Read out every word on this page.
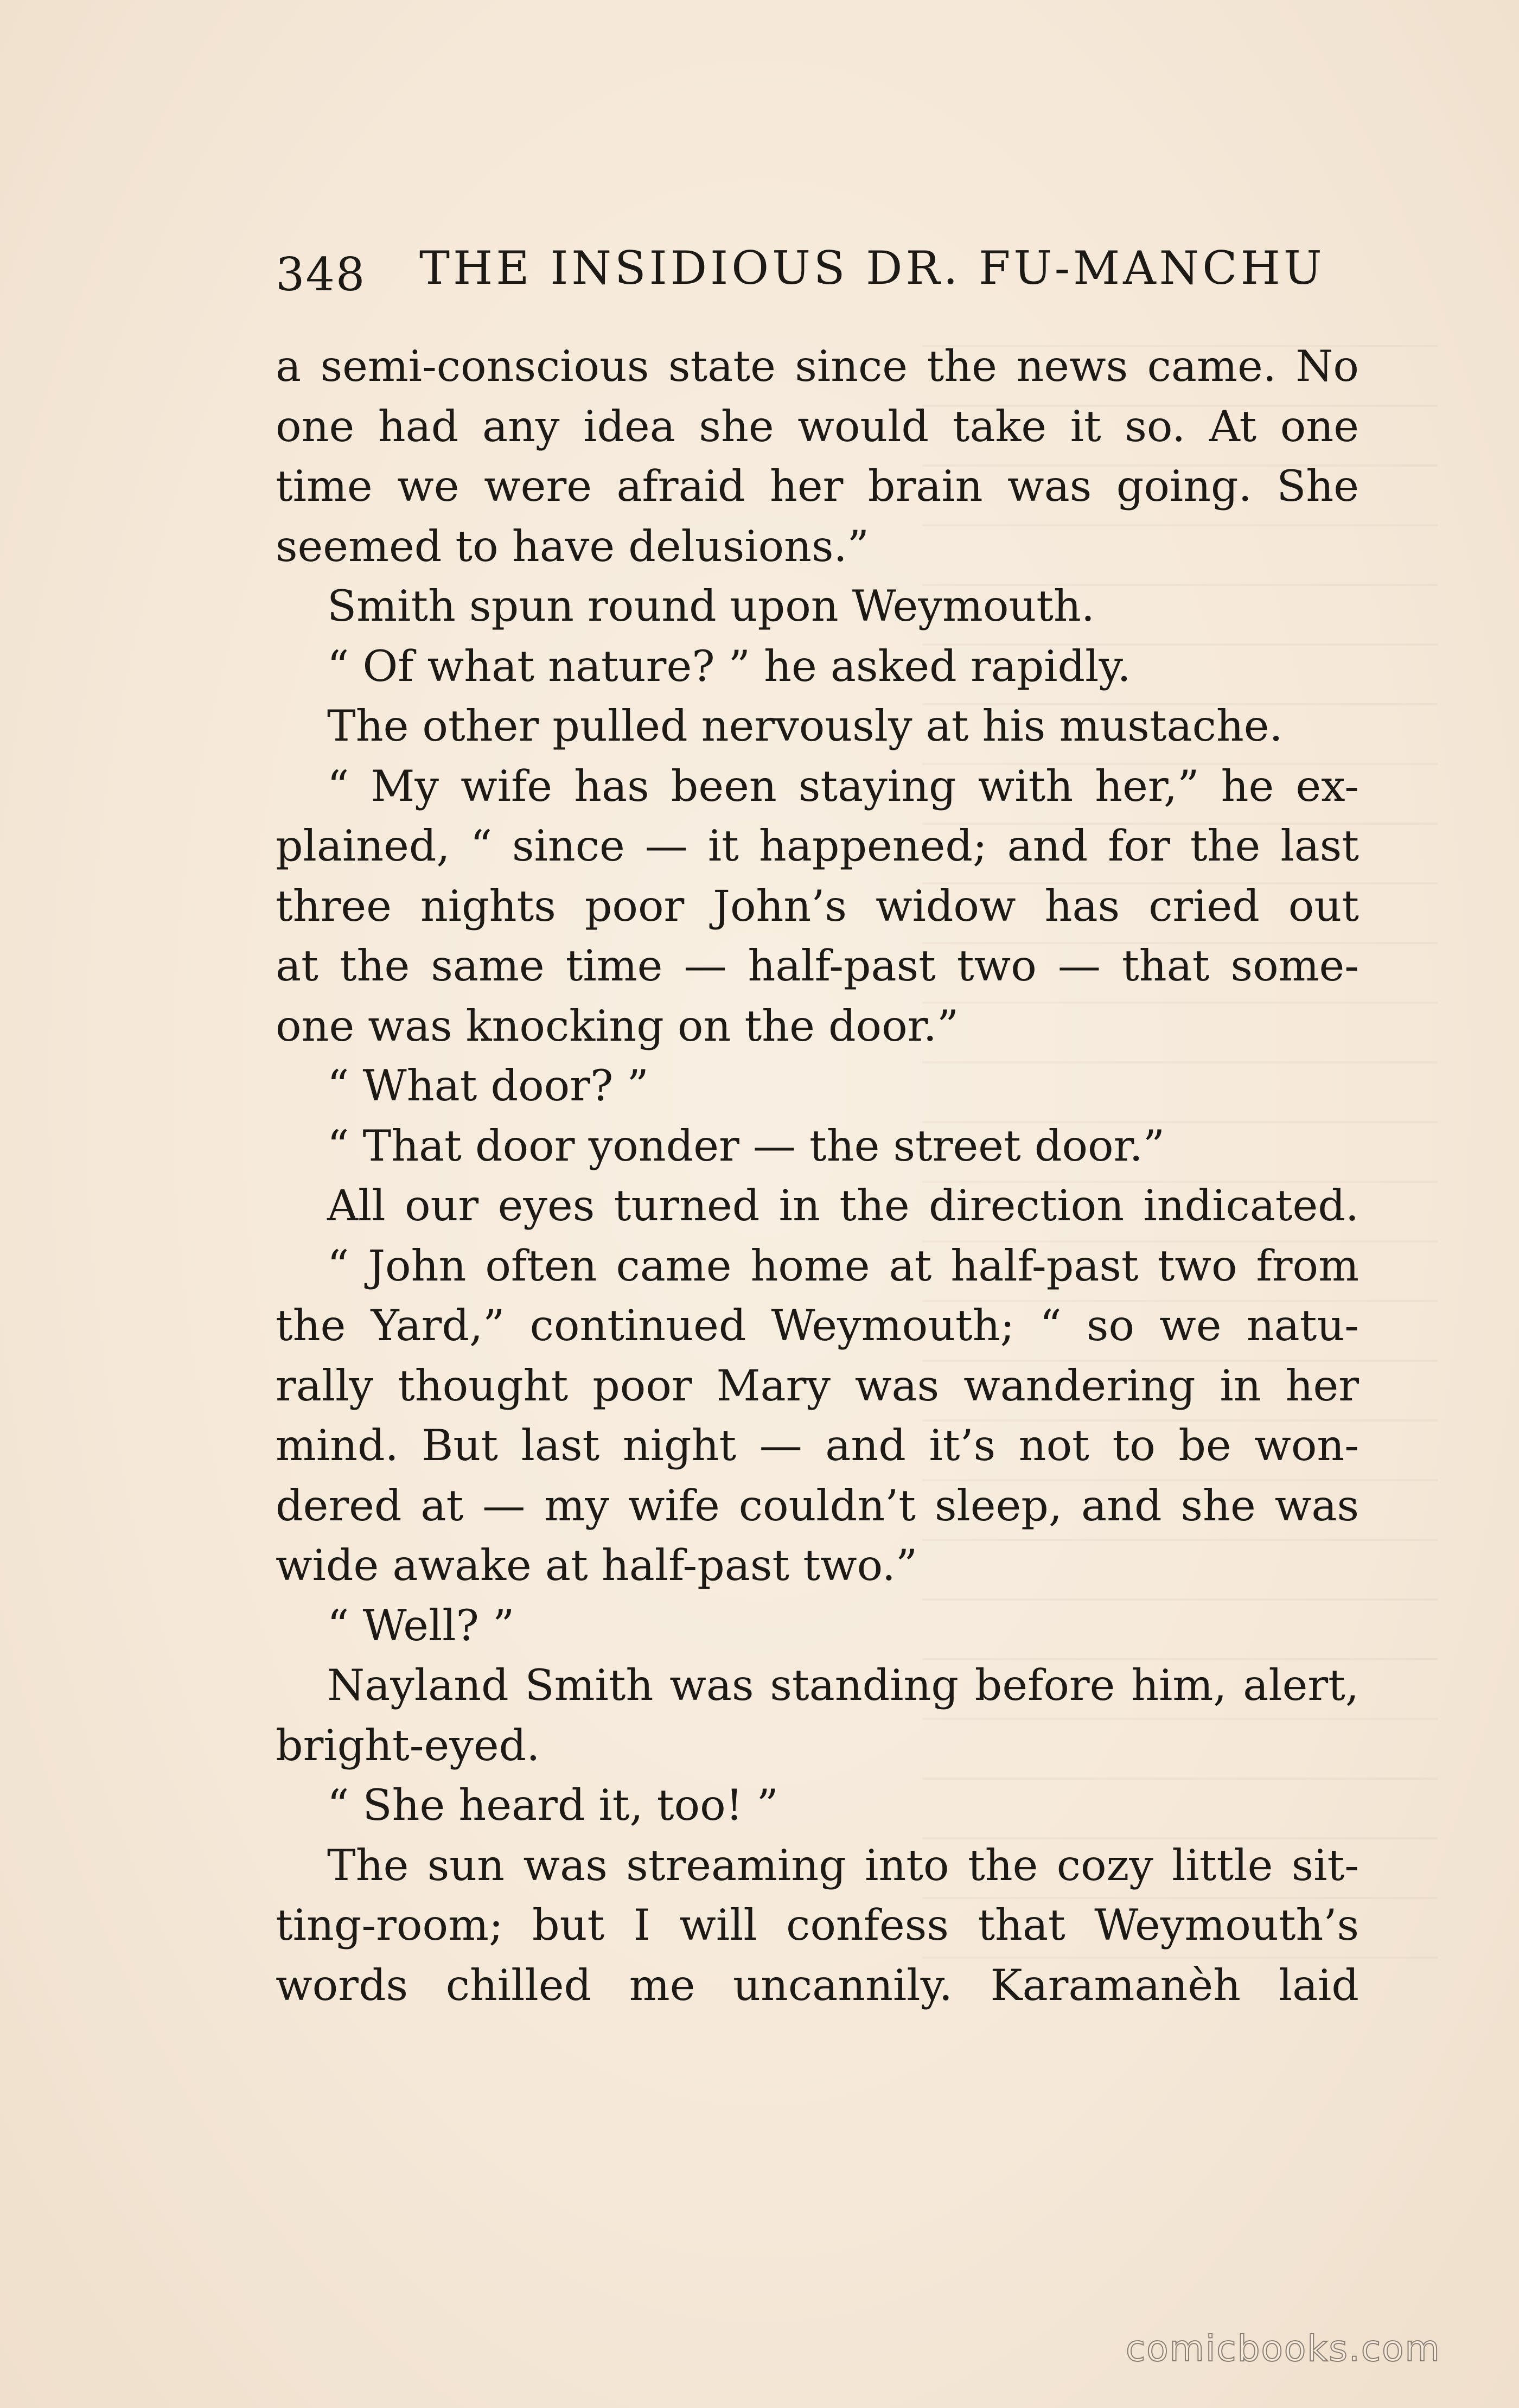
348 THE INSIDIOUS DR. FU-MANCHU
a semi-conscious state since the news came. No
one had any idea she would take it so. At one
time we were afraid her brain was going. She
seemed to have delusions.”
Smith spun round upon Weymouth.
“ Of what nature? ” he asked rapidly.
The other pulled nervously at his mustache.
“ My wife has been staying with her,” he ex-
plained, “ since — it happened; and for the last
three nights poor John’s widow has cried out
at the same time — half-past two — that some-
one was knocking on the door.”
“ What door? ”
“ That door yonder — the street door.”
All our eyes turned in the direction indicated.
“ John often came home at half-past two from
the Yard,” continued Weymouth; “ so we natu-
rally thought poor Mary was wandering in her
mind. But last night — and it’s not to be won-
dered at — my wife couldn’t sleep, and she was
wide awake at half-past two.”
“ Well? ”
Nayland Smith was standing before him, alert,
bright-eyed.
“ She heard it, too! ”
The sun was streaming into the cozy little sit-
ting-room; but I will confess that Weymouth’s
words chilled me uncannily. Karamanèh laid
comicbooks.com
